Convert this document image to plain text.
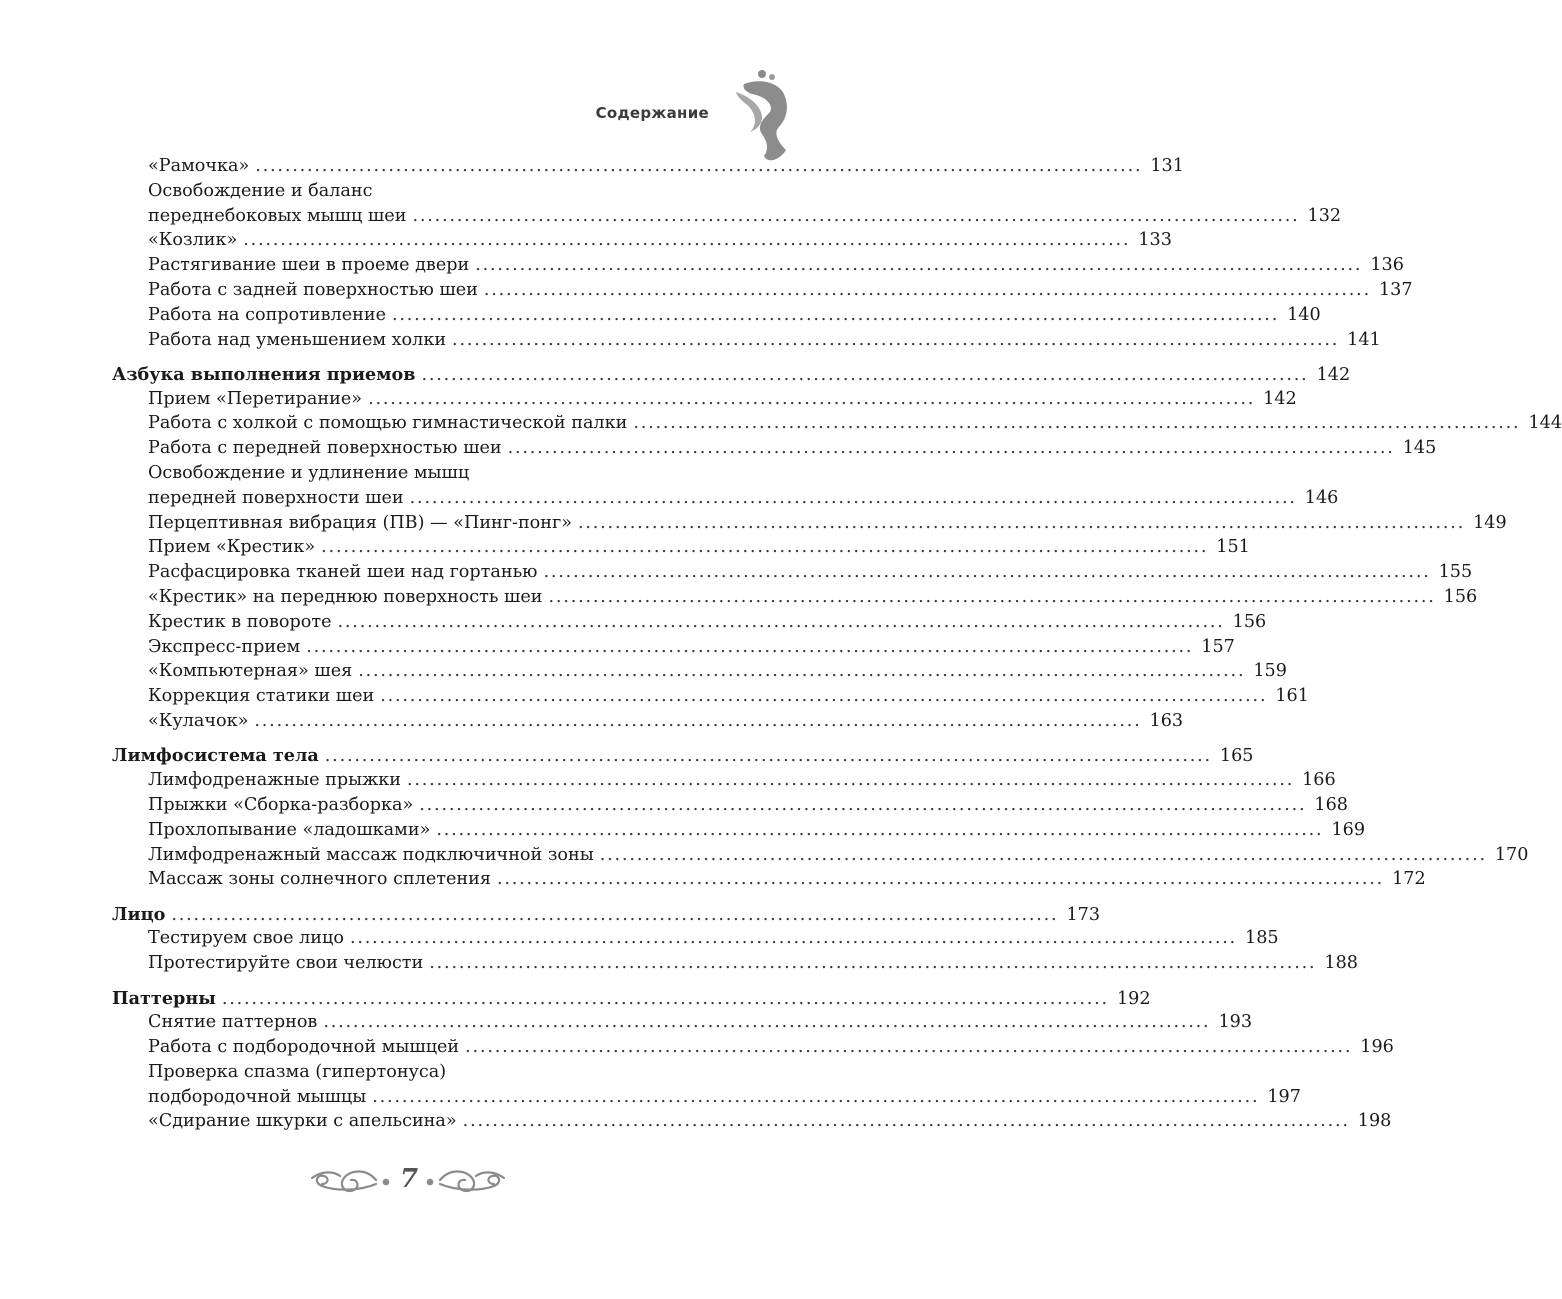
Содержание
«Рамочка» ........................................................................................................................ 131
Освобождение и баланс
переднебоковых мышц шеи ........................................................................................................................ 132
«Козлик» ........................................................................................................................ 133
Растягивание шеи в проеме двери ........................................................................................................................ 136
Работа с задней поверхностью шеи ........................................................................................................................ 137
Работа на сопротивление ........................................................................................................................ 140
Работа над уменьшением холки ........................................................................................................................ 141
Азбука выполнения приемов ........................................................................................................................ 142
Прием «Перетирание» ........................................................................................................................ 142
Работа с холкой с помощью гимнастической палки ........................................................................................................................ 144
Работа с передней поверхностью шеи ........................................................................................................................ 145
Освобождение и удлинение мышц
передней поверхности шеи ........................................................................................................................ 146
Перцептивная вибрация (ПВ) — «Пинг-понг» ........................................................................................................................ 149
Прием «Крестик» ........................................................................................................................ 151
Расфасцировка тканей шеи над гортанью ........................................................................................................................ 155
«Крестик» на переднюю поверхность шеи ........................................................................................................................ 156
Крестик в повороте ........................................................................................................................ 156
Экспресс-прием ........................................................................................................................ 157
«Компьютерная» шея ........................................................................................................................ 159
Коррекция статики шеи ........................................................................................................................ 161
«Кулачок» ........................................................................................................................ 163
Лимфосистема тела ........................................................................................................................ 165
Лимфодренажные прыжки ........................................................................................................................ 166
Прыжки «Сборка-разборка» ........................................................................................................................ 168
Прохлопывание «ладошками» ........................................................................................................................ 169
Лимфодренажный массаж подключичной зоны ........................................................................................................................ 170
Массаж зоны солнечного сплетения ........................................................................................................................ 172
Лицо ........................................................................................................................ 173
Тестируем свое лицо ........................................................................................................................ 185
Протестируйте свои челюсти ........................................................................................................................ 188
Паттерны ........................................................................................................................ 192
Снятие паттернов ........................................................................................................................ 193
Работа с подбородочной мышцей ........................................................................................................................ 196
Проверка спазма (гипертонуса)
подбородочной мышцы ........................................................................................................................ 197
«Сдирание шкурки с апельсина» ........................................................................................................................ 198
7
